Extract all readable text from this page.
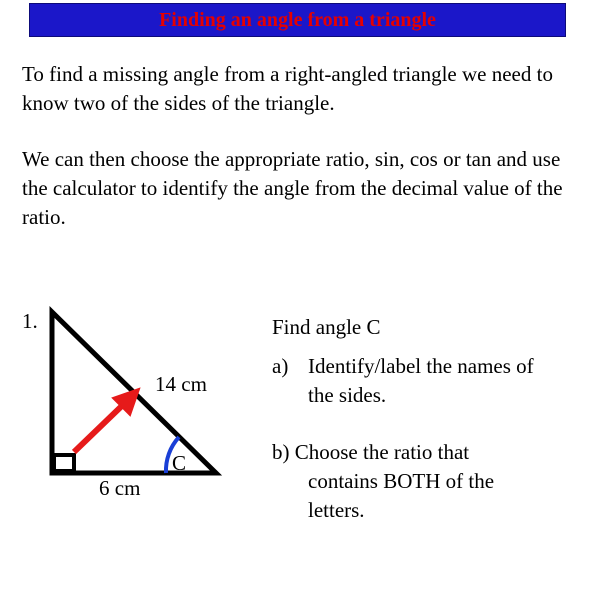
Finding an angle from a triangle

To find a missing angle from a right-angled triangle we need to know two of the sides of the triangle.

We can then choose the appropriate ratio, sin, cos or tan and use the calculator to identify the angle from the decimal value of the ratio.

1.
14 cm
6 cm
C
Find angle C
a) Identify/label the names of
the sides.
b) Choose the ratio that
contains BOTH of the
letters.
